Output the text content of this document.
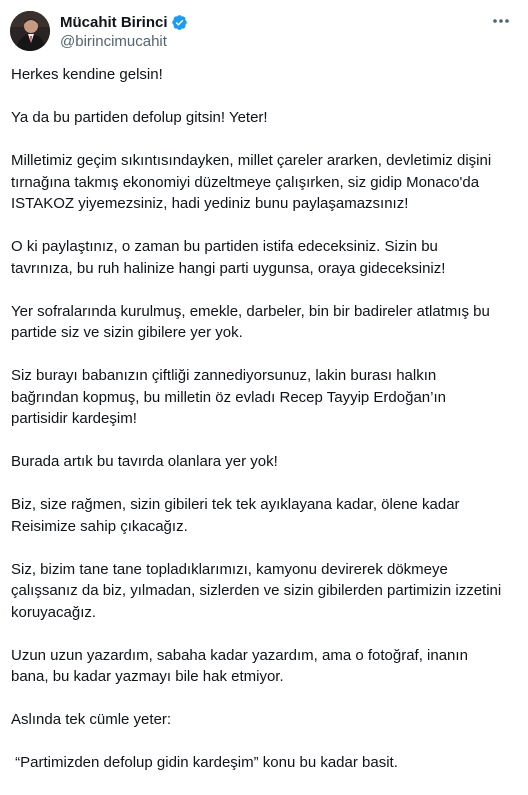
Mücahit Birinci
@birincimucahit

Herkes kendine gelsin!

Ya da bu partiden defolup gitsin! Yeter!

Milletimiz geçim sıkıntısındayken, millet çareler ararken, devletimiz dişini
tırnağına takmış ekonomiyi düzeltmeye çalışırken, siz gidip Monaco'da
ISTAKOZ yiyemezsiniz, hadi yediniz bunu paylaşamazsınız!

O ki paylaştınız, o zaman bu partiden istifa edeceksiniz. Sizin bu
tavrınıza, bu ruh halinize hangi parti uygunsa, oraya gideceksiniz!

Yer sofralarında kurulmuş, emekle, darbeler, bin bir badireler atlatmış bu
partide siz ve sizin gibilere yer yok.

Siz burayı babanızın çiftliği zannediyorsunuz, lakin burası halkın
bağrından kopmuş, bu milletin öz evladı Recep Tayyip Erdoğan’ın
partisidir kardeşim!

Burada artık bu tavırda olanlara yer yok!

Biz, size rağmen, sizin gibileri tek tek ayıklayana kadar, ölene kadar
Reisimize sahip çıkacağız.

Siz, bizim tane tane topladıklarımızı, kamyonu devirerek dökmeye
çalışsanız da biz, yılmadan, sizlerden ve sizin gibilerden partimizin izzetini
koruyacağız.

Uzun uzun yazardım, sabaha kadar yazardım, ama o fotoğraf, inanın
bana, bu kadar yazmayı bile hak etmiyor.

Aslında tek cümle yeter:

“Partimizden defolup gidin kardeşim” konu bu kadar basit.
